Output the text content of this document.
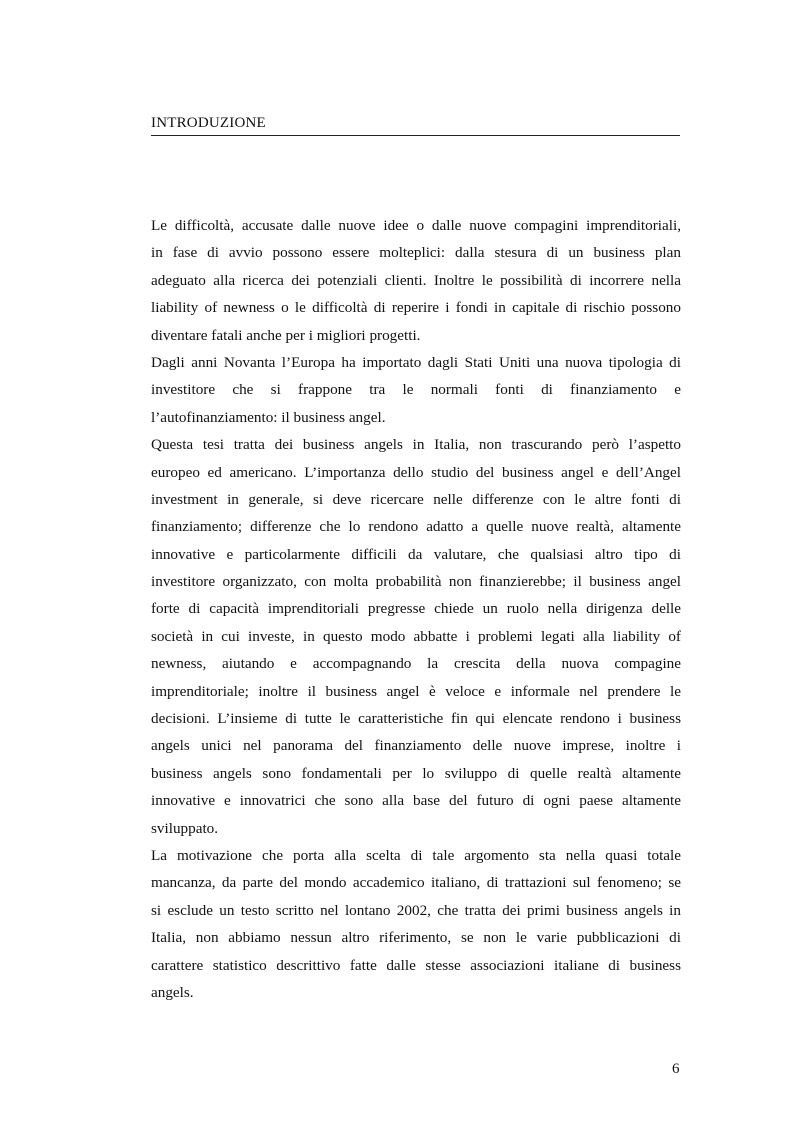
INTRODUZIONE
Le difficoltà, accusate dalle nuove idee o dalle nuove compagini imprenditoriali,
in fase di avvio possono essere molteplici: dalla stesura di un business plan
adeguato alla ricerca dei potenziali clienti. Inoltre le possibilità di incorrere nella
liability of newness o le difficoltà di reperire i fondi in capitale di rischio possono
diventare fatali anche per i migliori progetti.
Dagli anni Novanta l’Europa ha importato dagli Stati Uniti una nuova tipologia di
investitore che si frappone tra le normali fonti di finanziamento e
l’autofinanziamento: il business angel.
Questa tesi tratta dei business angels in Italia, non trascurando però l’aspetto
europeo ed americano. L’importanza dello studio del business angel e dell’Angel
investment in generale, si deve ricercare nelle differenze con le altre fonti di
finanziamento; differenze che lo rendono adatto a quelle nuove realtà, altamente
innovative e particolarmente difficili da valutare, che qualsiasi altro tipo di
investitore organizzato, con molta probabilità non finanzierebbe; il business angel
forte di capacità imprenditoriali pregresse chiede un ruolo nella dirigenza delle
società in cui investe, in questo modo abbatte i problemi legati alla liability of
newness, aiutando e accompagnando la crescita della nuova compagine
imprenditoriale; inoltre il business angel è veloce e informale nel prendere le
decisioni. L’insieme di tutte le caratteristiche fin qui elencate rendono i business
angels unici nel panorama del finanziamento delle nuove imprese, inoltre i
business angels sono fondamentali per lo sviluppo di quelle realtà altamente
innovative e innovatrici che sono alla base del futuro di ogni paese altamente
sviluppato.
La motivazione che porta alla scelta di tale argomento sta nella quasi totale
mancanza, da parte del mondo accademico italiano, di trattazioni sul fenomeno; se
si esclude un testo scritto nel lontano 2002, che tratta dei primi business angels in
Italia, non abbiamo nessun altro riferimento, se non le varie pubblicazioni di
carattere statistico descrittivo fatte dalle stesse associazioni italiane di business
angels.
6
